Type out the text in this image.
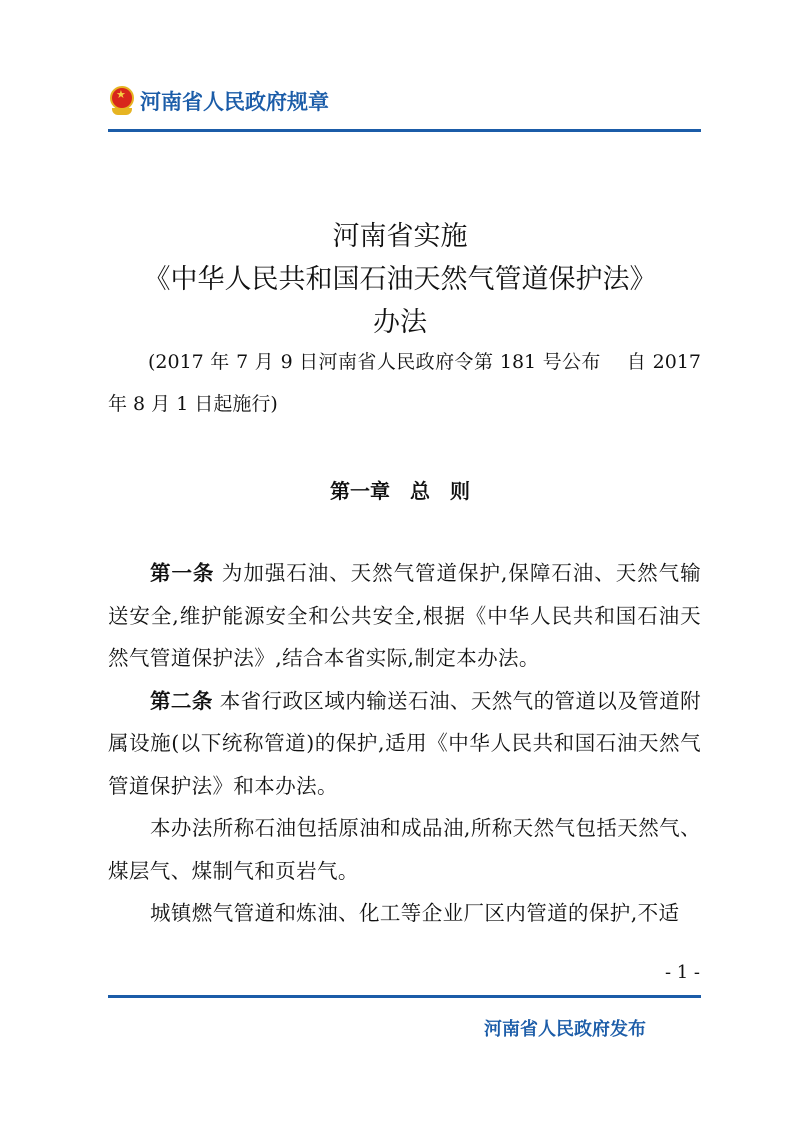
★ 河南省人民政府规章
河南省实施
《中华人民共和国石油天然气管道保护法》
办法
(2017 年 7 月 9 日河南省人民政府令第 181 号公布　 自 2017 年 8 月 1 日起施行)
第一章　总　则

第一条 为加强石油、天然气管道保护,保障石油、天然气输送安全,维护能源安全和公共安全,根据《中华人民共和国石油天然气管道保护法》,结合本省实际,制定本办法。

第二条 本省行政区域内输送石油、天然气的管道以及管道附属设施(以下统称管道)的保护,适用《中华人民共和国石油天然气管道保护法》和本办法。

本办法所称石油包括原油和成品油,所称天然气包括天然气、煤层气、煤制气和页岩气。

城镇燃气管道和炼油、化工等企业厂区内管道的保护,不适

- 1 -
河南省人民政府发布
